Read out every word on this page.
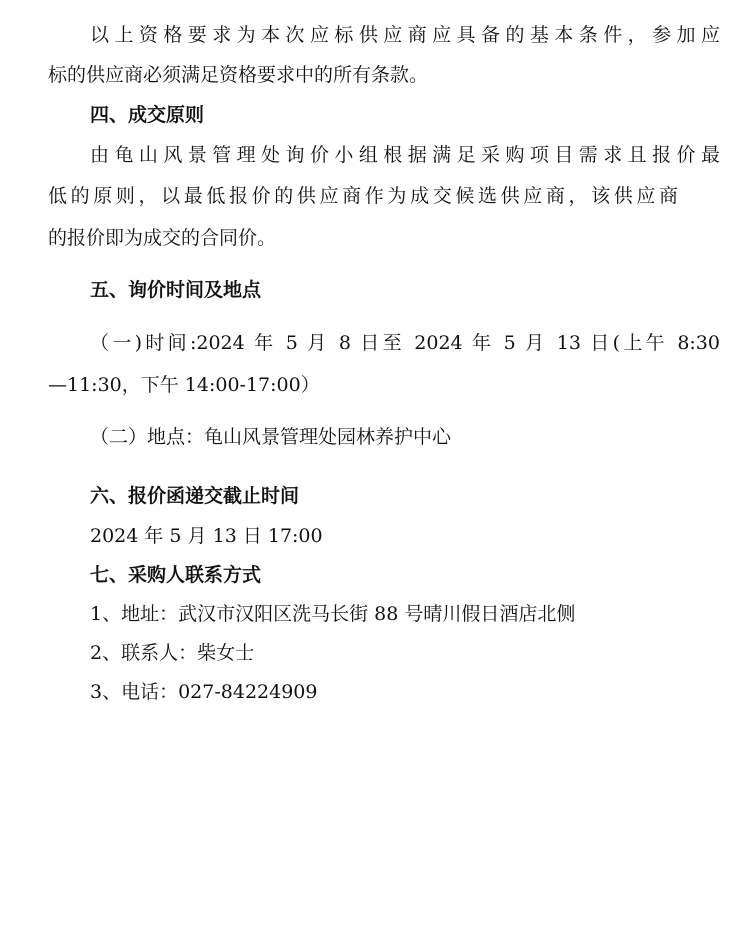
以上资格要求为本次应标供应商应具备的基本条件，参加应
标的供应商必须满足资格要求中的所有条款。
四、成交原则
由龟山风景管理处询价小组根据满足采购项目需求且报价最
低的原则，以最低报价的供应商作为成交候选供应商，该供应商
的报价即为成交的合同价。
五、询价时间及地点
（一)时间:2024 年 5 月 8 日至 2024 年 5 月 13 日(上午 8:30
—11:30，下午 14:00-17:00）
（二）地点：龟山风景管理处园林养护中心
六、报价函递交截止时间
2024 年 5 月 13 日 17:00
七、采购人联系方式
1、地址：武汉市汉阳区洗马长街 88 号晴川假日酒店北侧
2、联系人：柴女士
3、电话：027-84224909
